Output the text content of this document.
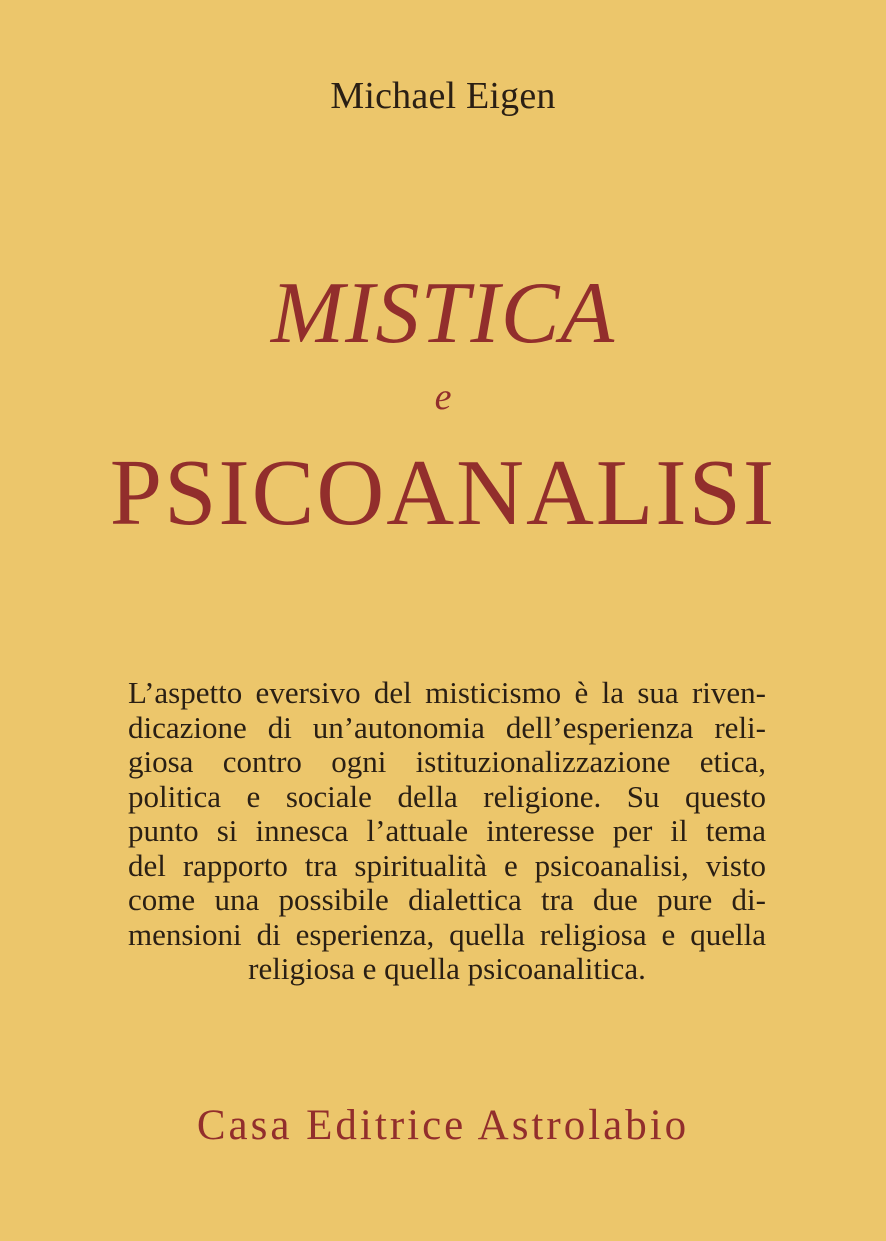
Michael Eigen
MISTICA
e
PSICOANALISI
L’aspetto eversivo del misticismo è la sua riven-
dicazione di un’autonomia dell’esperienza reli-
giosa contro ogni istituzionalizzazione etica,
politica e sociale della religione. Su questo
punto si innesca l’attuale interesse per il tema
del rapporto tra spiritualità e psicoanalisi, visto
come una possibile dialettica tra due pure di-
mensioni di esperienza, quella religiosa e quella
religiosa e quella psicoanalitica.
Casa Editrice Astrolabio
